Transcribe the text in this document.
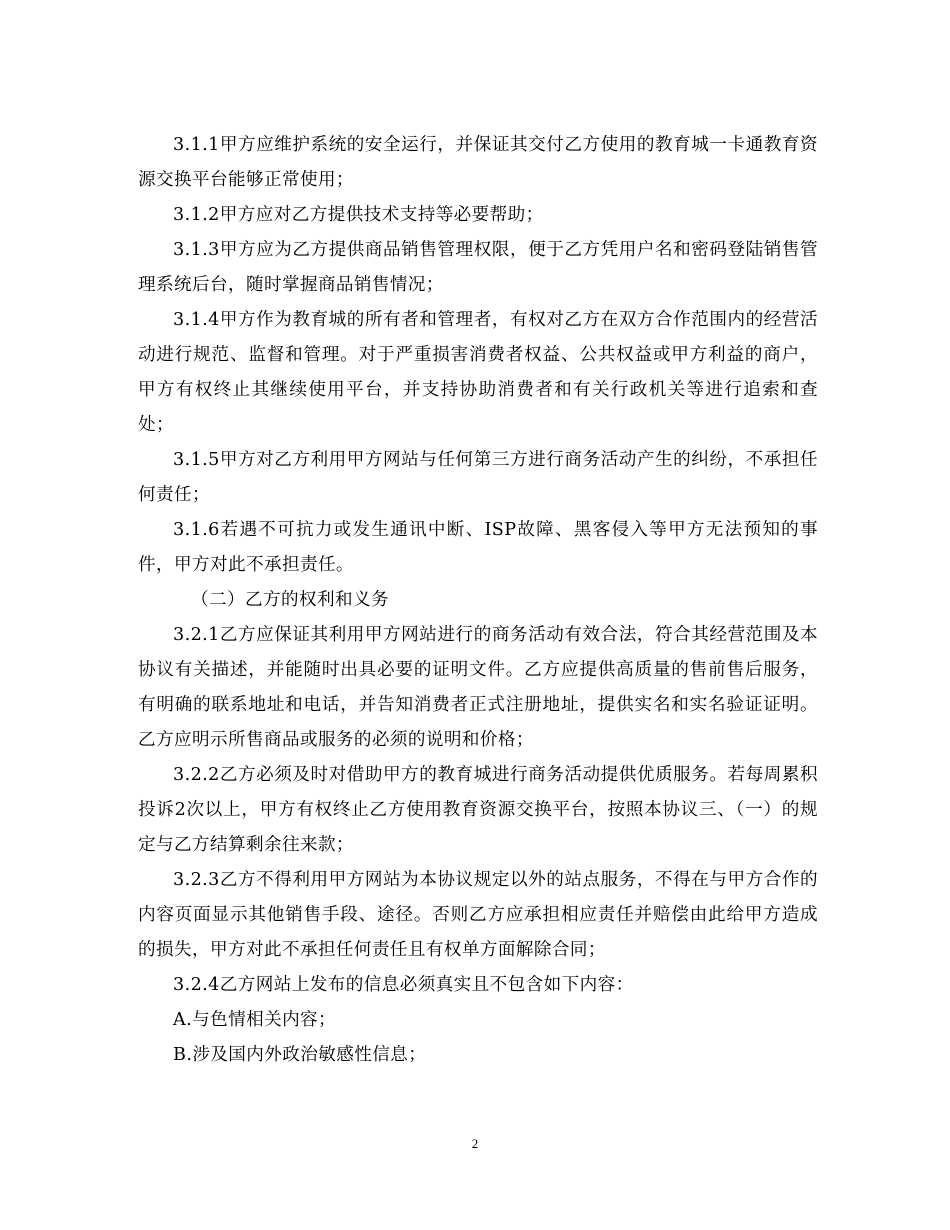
3.1.1甲方应维护系统的安全运行，并保证其交付乙方使用的教育城一卡通教育资源交换平台能够正常使用；

3.1.2甲方应对乙方提供技术支持等必要帮助；

3.1.3甲方应为乙方提供商品销售管理权限，便于乙方凭用户名和密码登陆销售管理系统后台，随时掌握商品销售情况；

3.1.4甲方作为教育城的所有者和管理者，有权对乙方在双方合作范围内的经营活动进行规范、监督和管理。对于严重损害消费者权益、公共权益或甲方利益的商户，甲方有权终止其继续使用平台，并支持协助消费者和有关行政机关等进行追索和查处；

3.1.5甲方对乙方利用甲方网站与任何第三方进行商务活动产生的纠纷，不承担任何责任；

3.1.6若遇不可抗力或发生通讯中断、ISP故障、黑客侵入等甲方无法预知的事件，甲方对此不承担责任。

（二）乙方的权利和义务

3.2.1乙方应保证其利用甲方网站进行的商务活动有效合法，符合其经营范围及本协议有关描述，并能随时出具必要的证明文件。乙方应提供高质量的售前售后服务，有明确的联系地址和电话，并告知消费者正式注册地址，提供实名和实名验证证明。乙方应明示所售商品或服务的必须的说明和价格；

3.2.2乙方必须及时对借助甲方的教育城进行商务活动提供优质服务。若每周累积投诉2次以上，甲方有权终止乙方使用教育资源交换平台，按照本协议三、（一）的规定与乙方结算剩余往来款；

3.2.3乙方不得利用甲方网站为本协议规定以外的站点服务，不得在与甲方合作的内容页面显示其他销售手段、途径。否则乙方应承担相应责任并赔偿由此给甲方造成的损失，甲方对此不承担任何责任且有权单方面解除合同；

3.2.4乙方网站上发布的信息必须真实且不包含如下内容：

A.与色情相关内容；

B.涉及国内外政治敏感性信息；

2
